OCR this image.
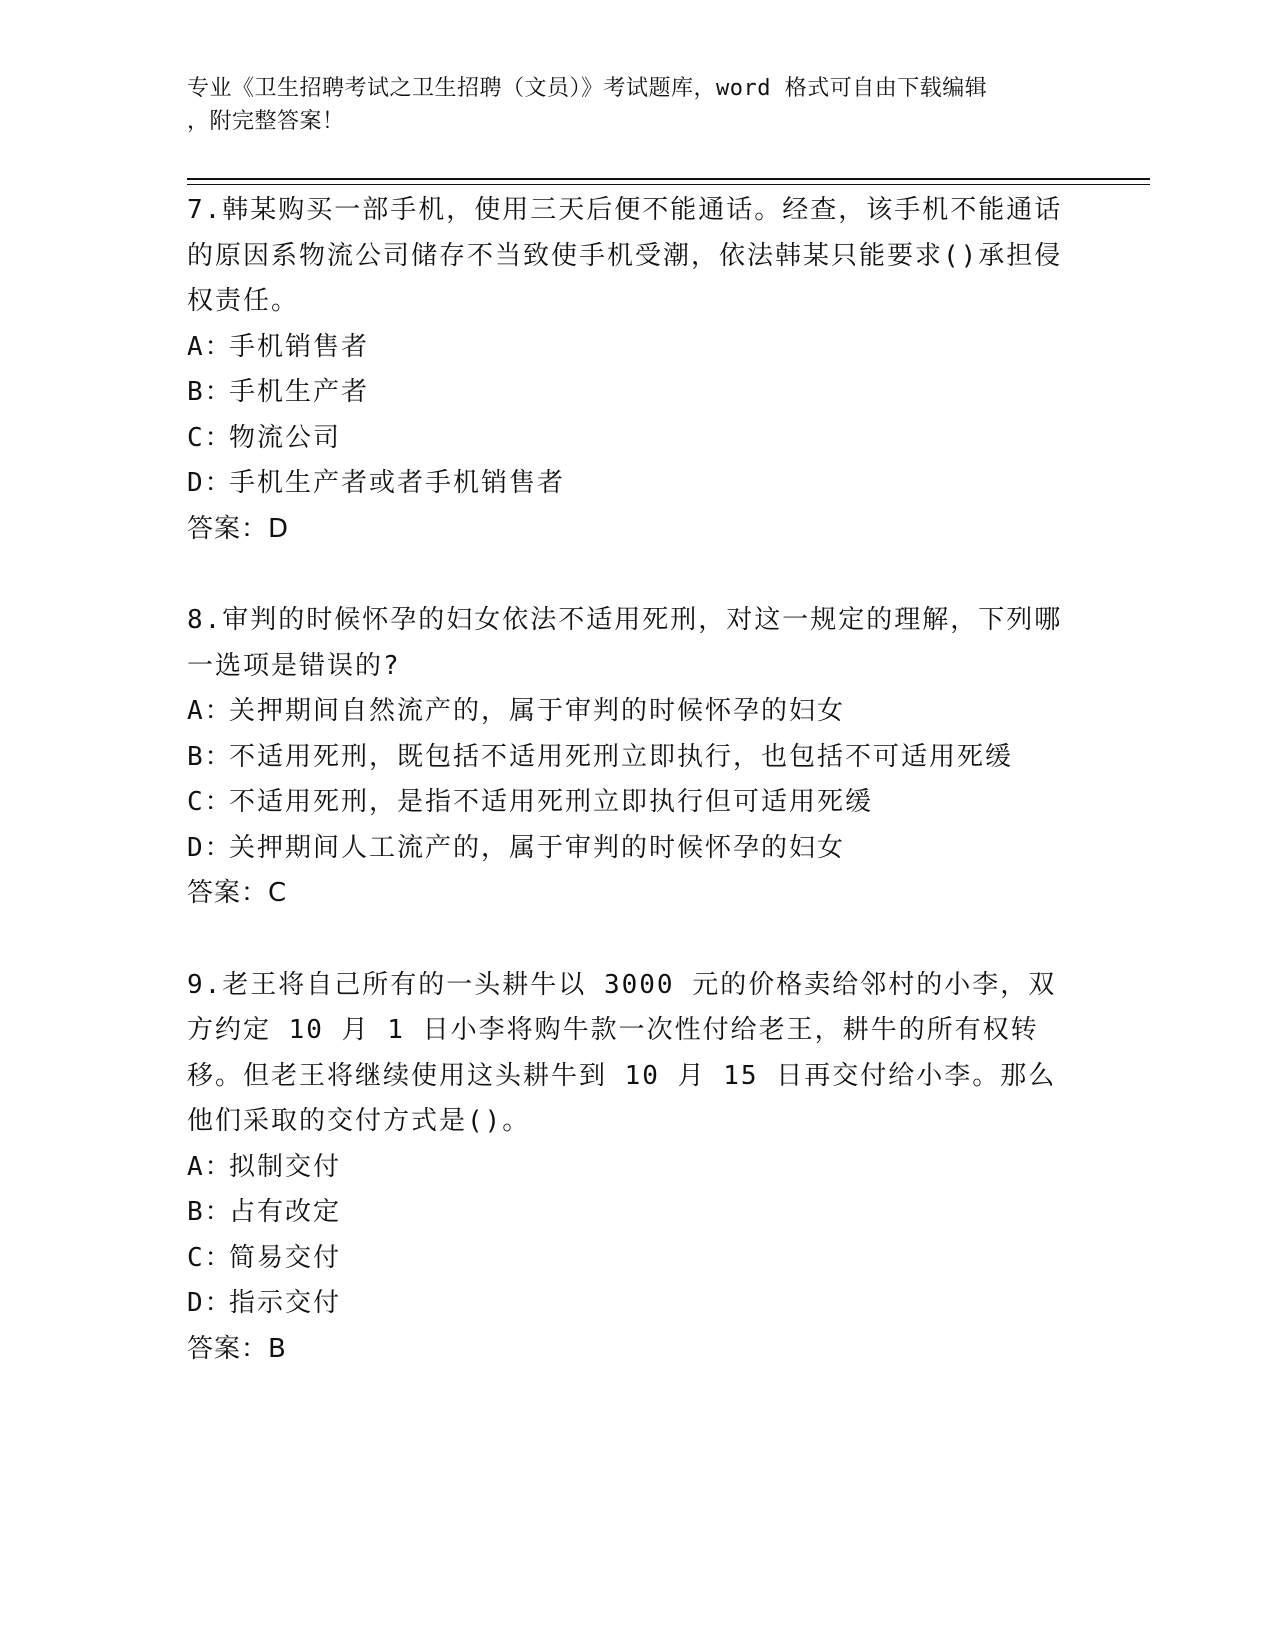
专业《卫生招聘考试之卫生招聘（文员）》考试题库，word 格式可自由下载编辑
，附完整答案！

7.韩某购买一部手机，使用三天后便不能通话。经查，该手机不能通话的原因系物流公司储存不当致使手机受潮，依法韩某只能要求()承担侵权责任。

A：手机销售者
B：手机生产者
C：物流公司
D：手机生产者或者手机销售者
答案：D

8.审判的时候怀孕的妇女依法不适用死刑，对这一规定的理解，下列哪一选项是错误的?

A：关押期间自然流产的，属于审判的时候怀孕的妇女
B：不适用死刑，既包括不适用死刑立即执行，也包括不可适用死缓
C：不适用死刑，是指不适用死刑立即执行但可适用死缓
D：关押期间人工流产的，属于审判的时候怀孕的妇女
答案：C

9.老王将自己所有的一头耕牛以 3000 元的价格卖给邻村的小李，双方约定 10 月 1 日小李将购牛款一次性付给老王，耕牛的所有权转移。但老王将继续使用这头耕牛到 10 月 15 日再交付给小李。那么他们采取的交付方式是()。

A：拟制交付
B：占有改定
C：简易交付
D：指示交付
答案：B
